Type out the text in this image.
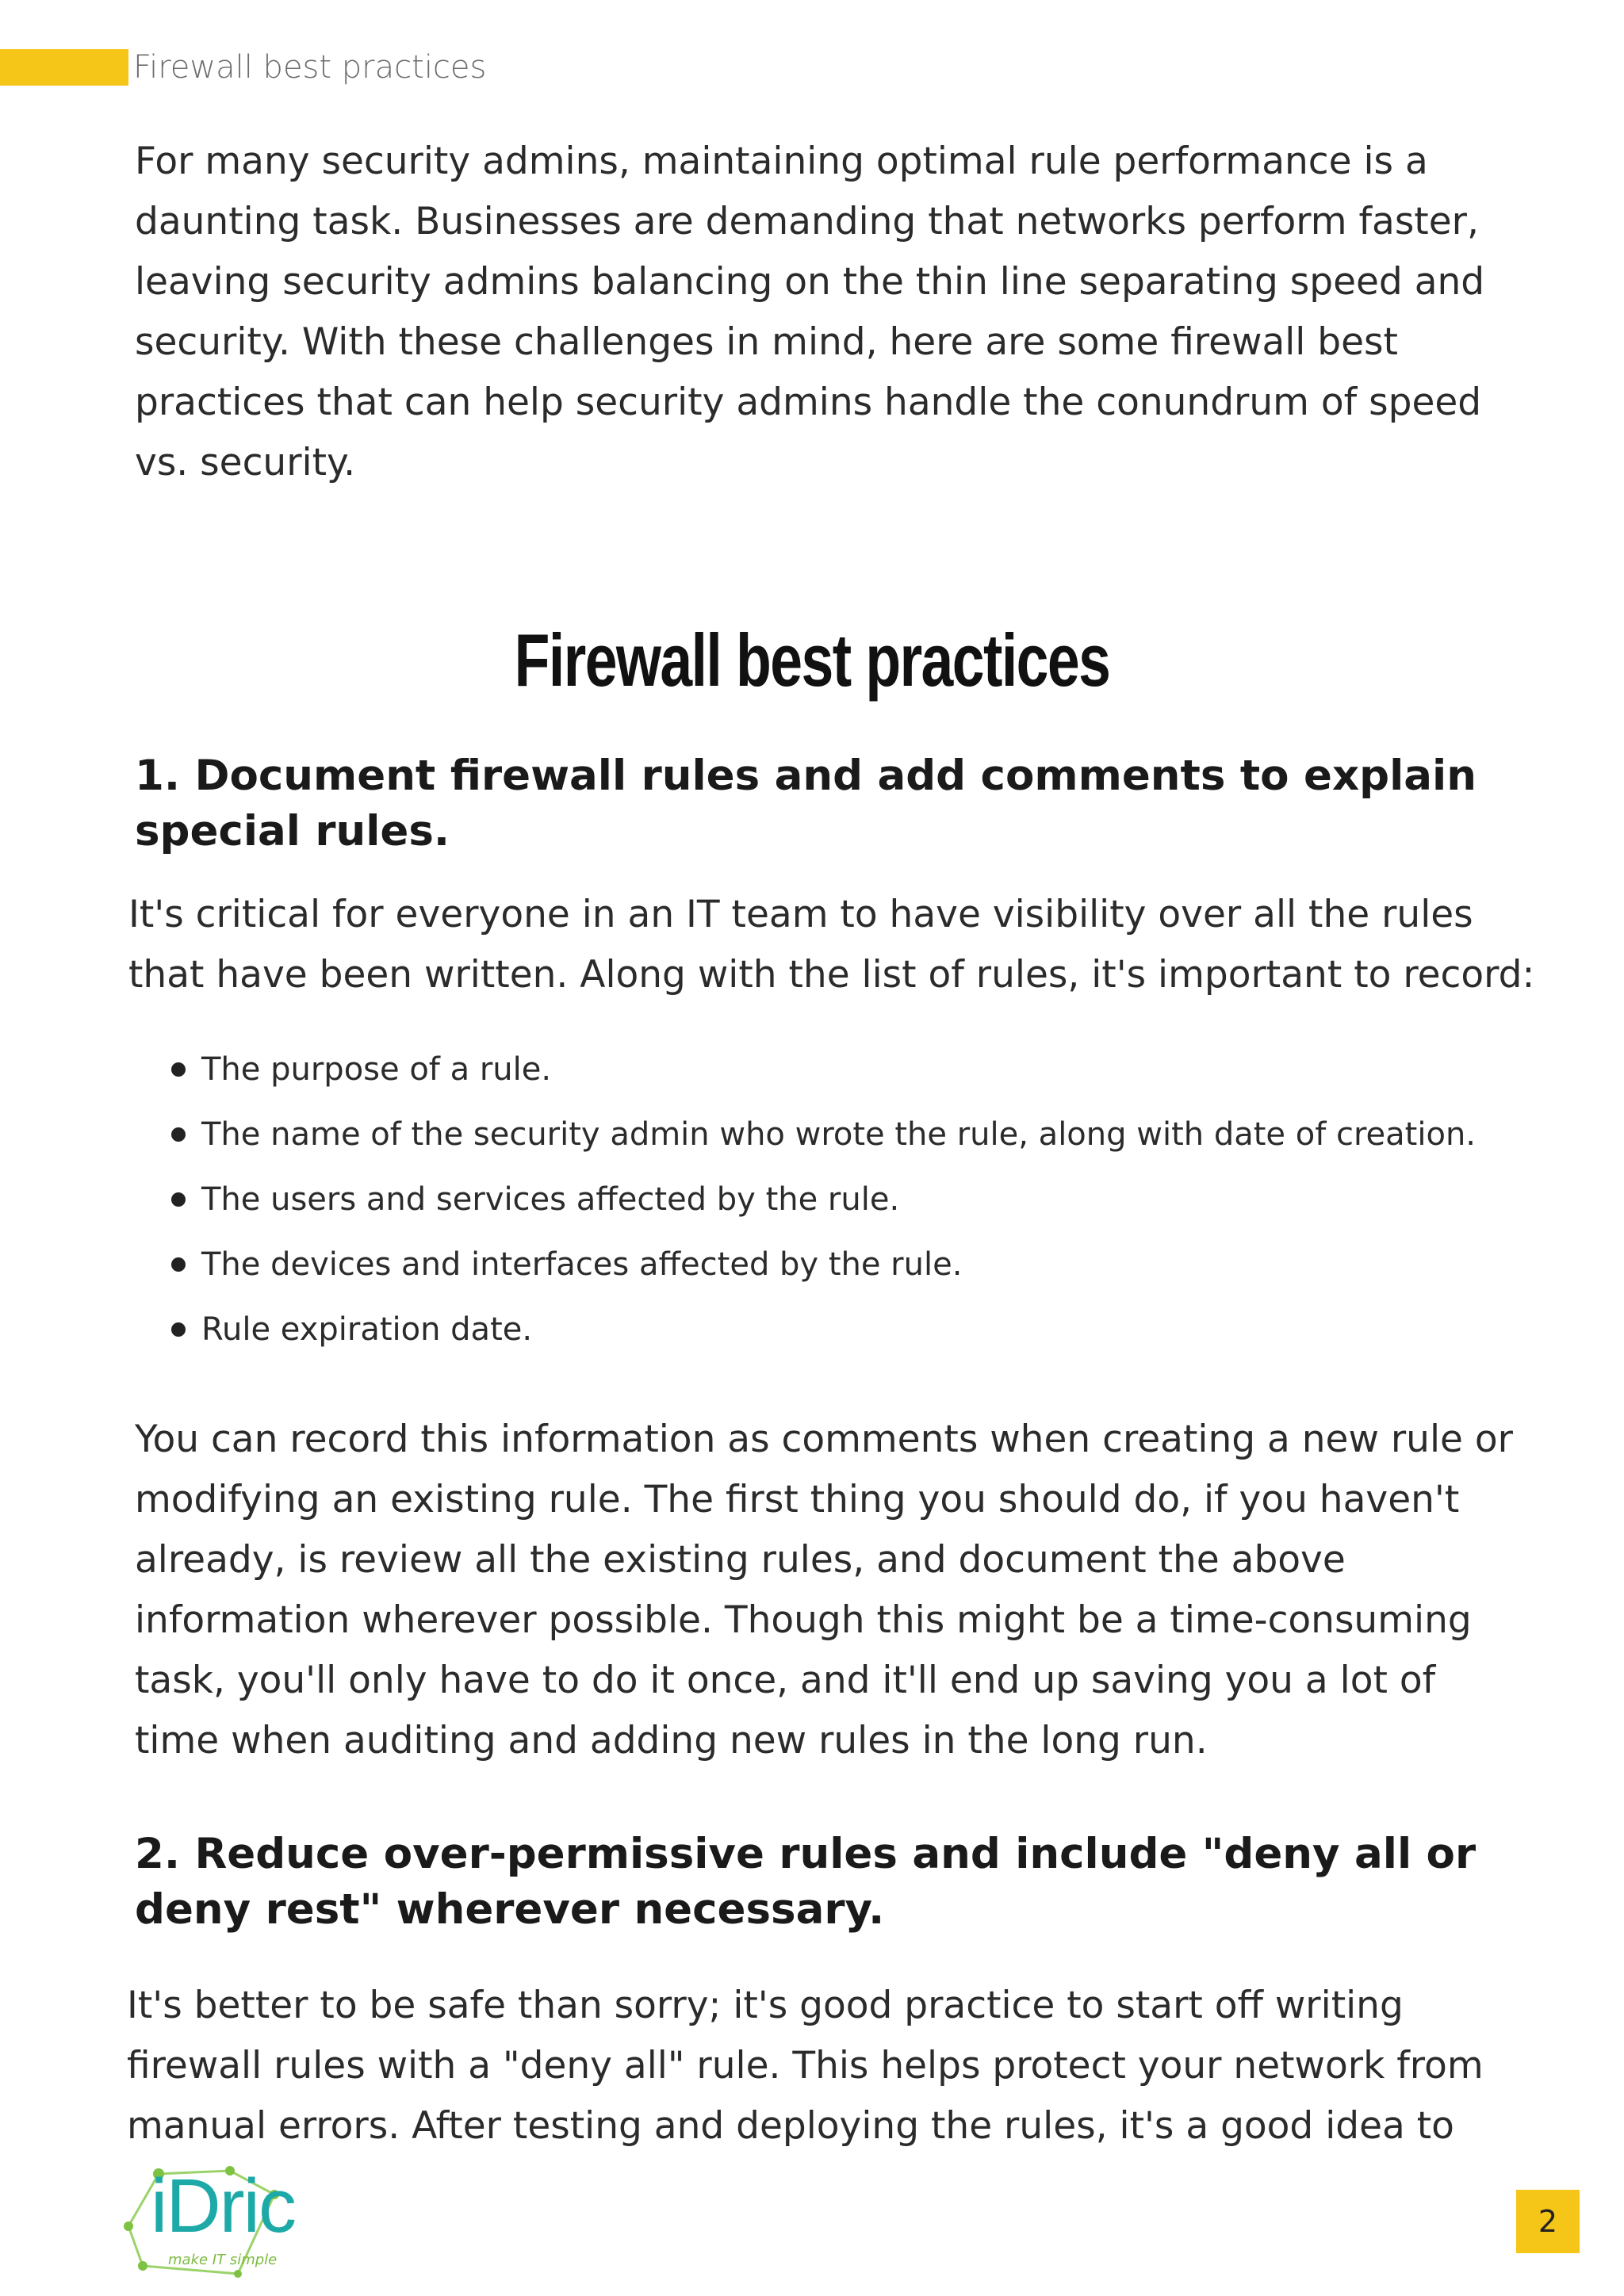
Firewall best practices

For many security admins, maintaining optimal rule performance is a daunting task. Businesses are demanding that networks perform faster, leaving security admins balancing on the thin line separating speed and security. With these challenges in mind, here are some firewall best practices that can help security admins handle the conundrum of speed vs. security.

Firewall best practices
1. Document firewall rules and add comments to explain special rules.

It's critical for everyone in an IT team to have visibility over all the rules that have been written. Along with the list of rules, it's important to record:

The purpose of a rule.
The name of the security admin who wrote the rule, along with date of creation.
The users and services affected by the rule.
The devices and interfaces affected by the rule.
Rule expiration date.

You can record this information as comments when creating a new rule or modifying an existing rule. The first thing you should do, if you haven't already, is review all the existing rules, and document the above information wherever possible. Though this might be a time-consuming task, you'll only have to do it once, and it'll end up saving you a lot of time when auditing and adding new rules in the long run.

2. Reduce over-permissive rules and include "deny all or deny rest" wherever necessary.

It's better to be safe than sorry; it's good practice to start off writing firewall rules with a "deny all" rule. This helps protect your network from manual errors. After testing and deploying the rules, it's a good idea to

iDric
make IT simple
2
